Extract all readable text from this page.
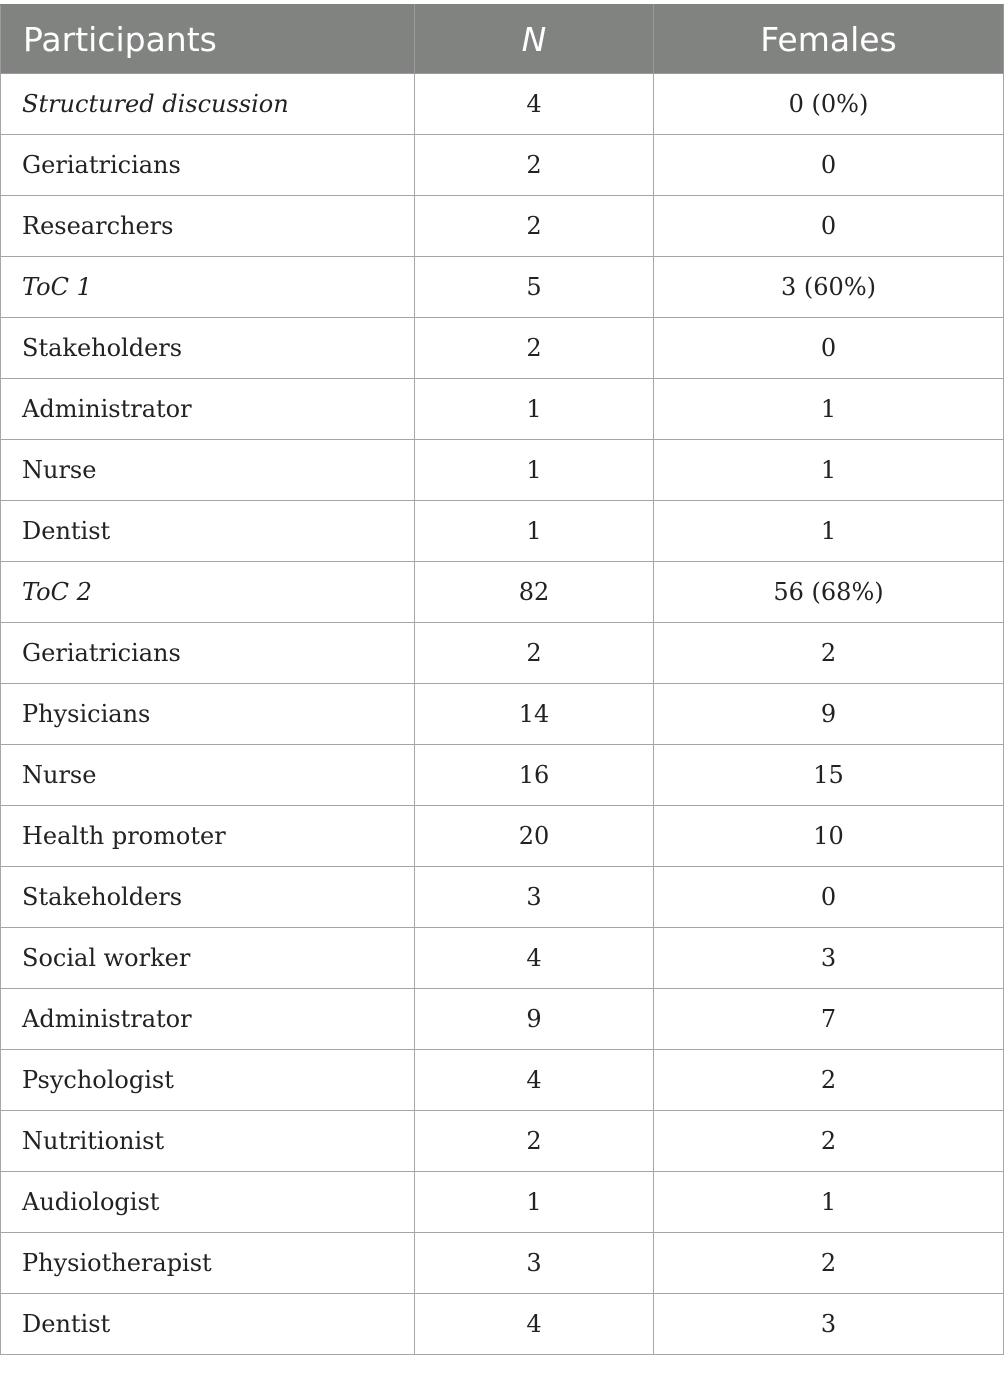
Participants	N	Females
Structured discussion	4	0 (0%)
Geriatricians	2	0
Researchers	2	0
ToC 1	5	3 (60%)
Stakeholders	2	0
Administrator	1	1
Nurse	1	1
Dentist	1	1
ToC 2	82	56 (68%)
Geriatricians	2	2
Physicians	14	9
Nurse	16	15
Health promoter	20	10
Stakeholders	3	0
Social worker	4	3
Administrator	9	7
Psychologist	4	2
Nutritionist	2	2
Audiologist	1	1
Physiotherapist	3	2
Dentist	4	3
